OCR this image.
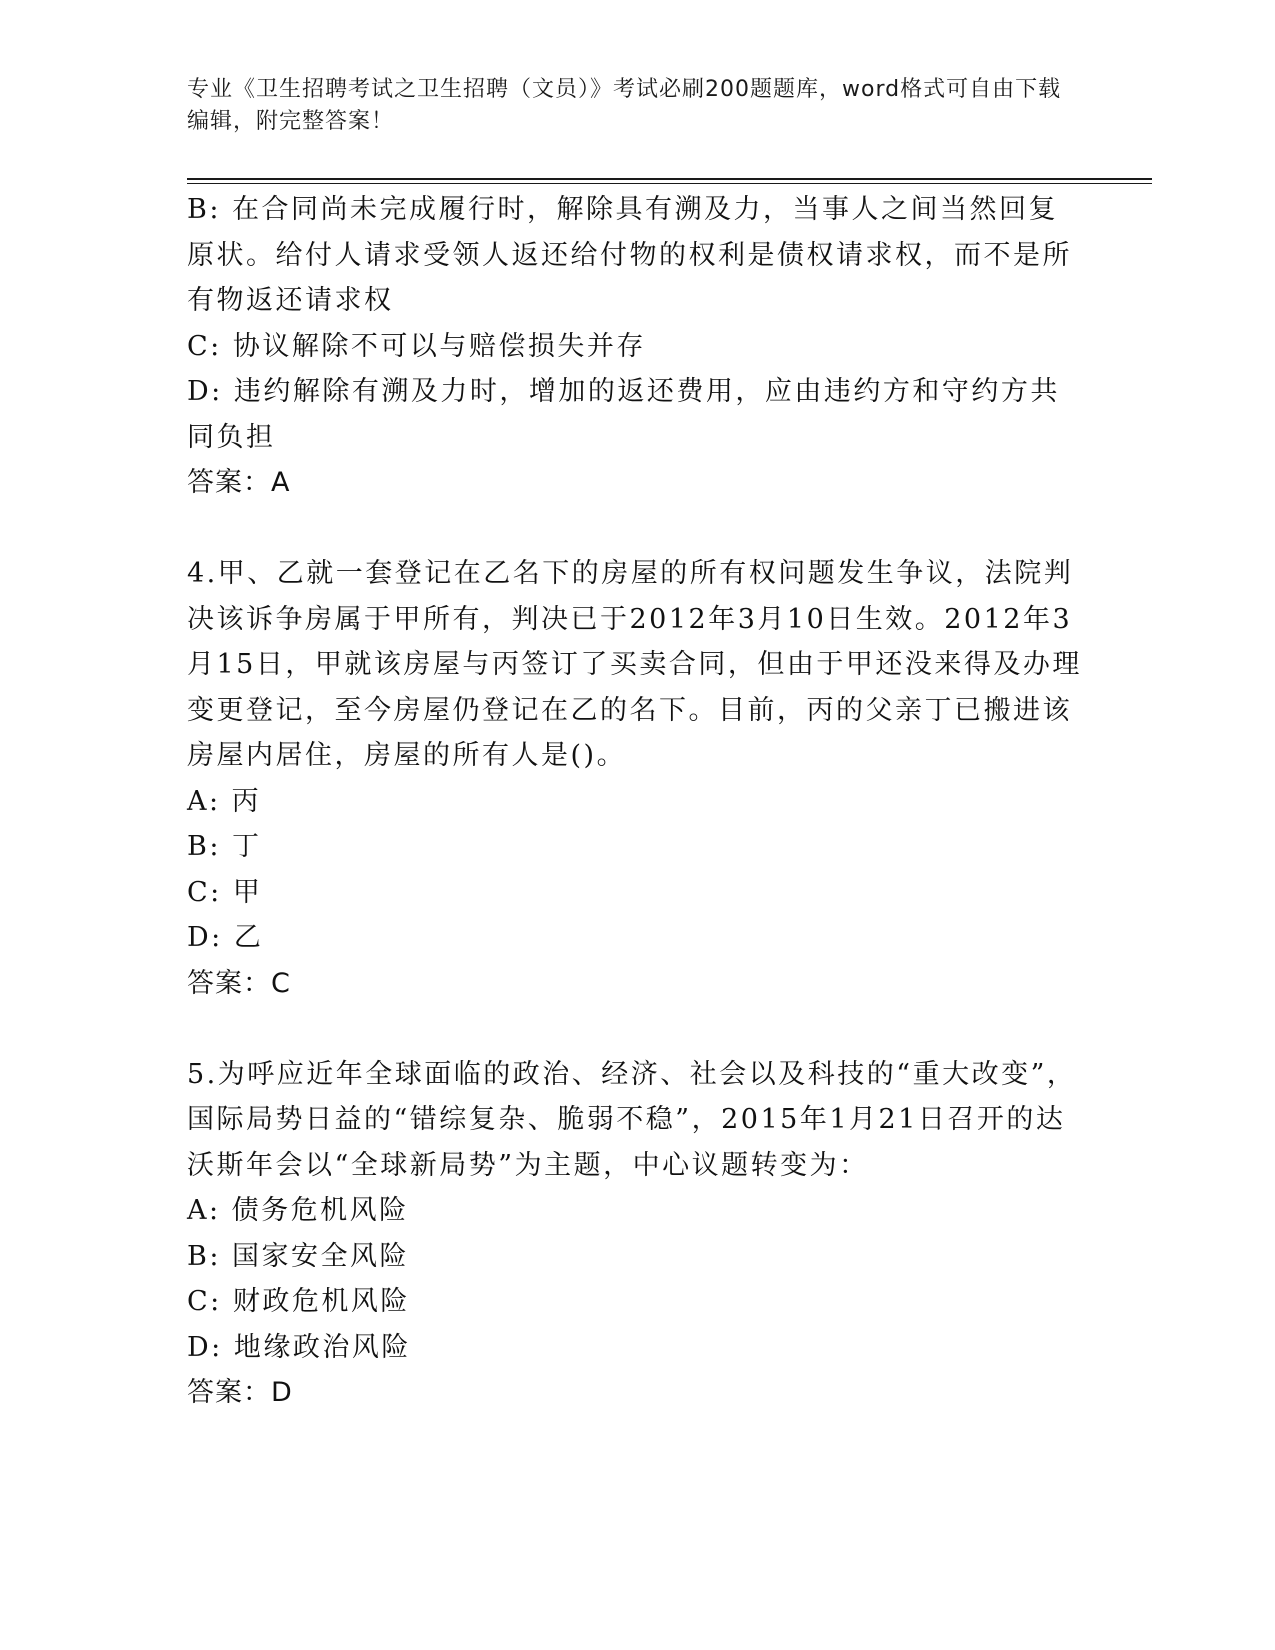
专业《卫生招聘考试之卫生招聘（文员）》考试必刷200题题库，word格式可自由下载编辑，附完整答案！

B: 在合同尚未完成履行时，解除具有溯及力，当事人之间当然回复原状。给付人请求受领人返还给付物的权利是债权请求权，而不是所有物返还请求权

C: 协议解除不可以与赔偿损失并存

D: 违约解除有溯及力时，增加的返还费用，应由违约方和守约方共同负担

答案：A

4.甲、乙就一套登记在乙名下的房屋的所有权问题发生争议，法院判决该诉争房属于甲所有，判决已于2012年3月10日生效。2012年3月15日，甲就该房屋与丙签订了买卖合同，但由于甲还没来得及办理变更登记，至今房屋仍登记在乙的名下。目前，丙的父亲丁已搬进该房屋内居住，房屋的所有人是()。

A: 丙

B: 丁

C: 甲

D: 乙

答案：C

5.为呼应近年全球面临的政治、经济、社会以及科技的“重大改变”，国际局势日益的“错综复杂、脆弱不稳”，2015年1月21日召开的达沃斯年会以“全球新局势”为主题，中心议题转变为：

A: 债务危机风险

B: 国家安全风险

C: 财政危机风险

D: 地缘政治风险

答案：D
